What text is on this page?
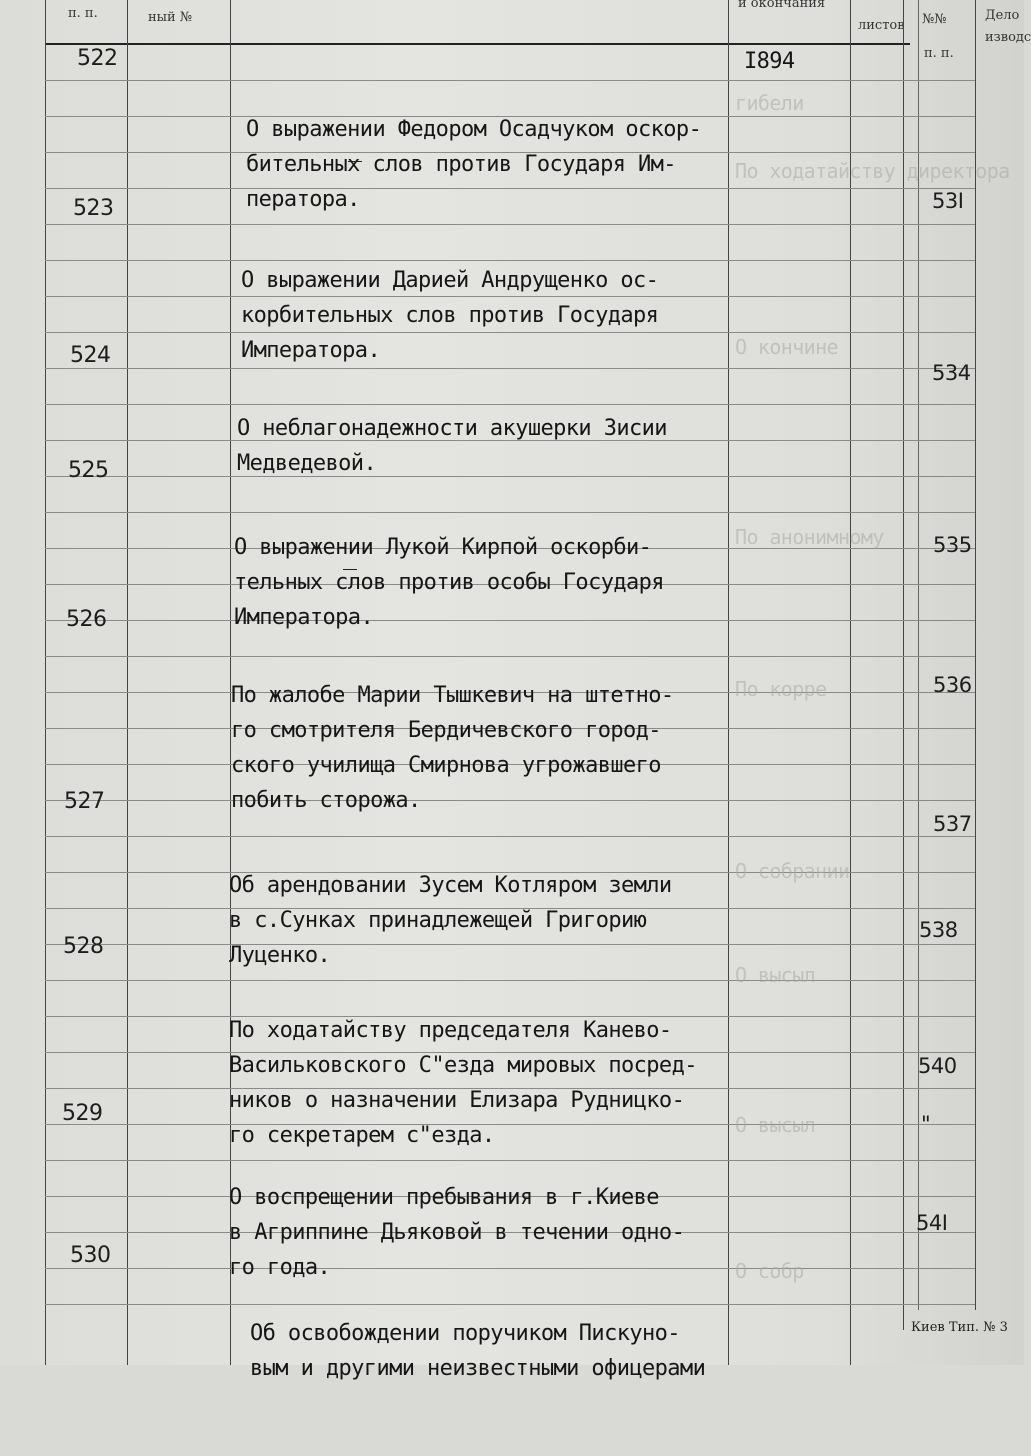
п. п.	ный №
и окончания
листов №№
п. п.
Дело
изводс
гибели
По ходатайству директора
О кончине
По анонимному
По корре
О собрании
О высыл
О высыл
О собр
522
523
524
525
526
527
528
529
530

О выражении Федором Осадчуком оскор-
бительных слов против Государя Им-
ператора.

О выражении Дарией Андрущенко ос-
корбительных слов против Государя
Императора.

О неблагонадежности акушерки Зисии
Медведевой.

О выражении Лукой Кирпой оскорби-
тельных слов против особы Государя
Императора.

По жалобе Марии Тышкевич на штетно-
го смотрителя Бердичевского город-
ского училища Смирнова угрожавшего
побить сторожа.

Об арендовании Зусем Котляром земли
в с.Сунках принадлежещей Григорию
Луценко.

По ходатайству председателя Канево-
Васильковского С"езда мировых посред-
ников о назначении Елизара Рудницко-
го секретарем с"езда.

О воспрещении пребывания в г.Киеве
в Агриппине Дьяковой в течении одно-
го года.

Об освобождении поручиком Пискуно-
вым и другими неизвестными офицерами

I894
53I
534
535
536
537
538
540
"
54I
Киев Тип. № 3
